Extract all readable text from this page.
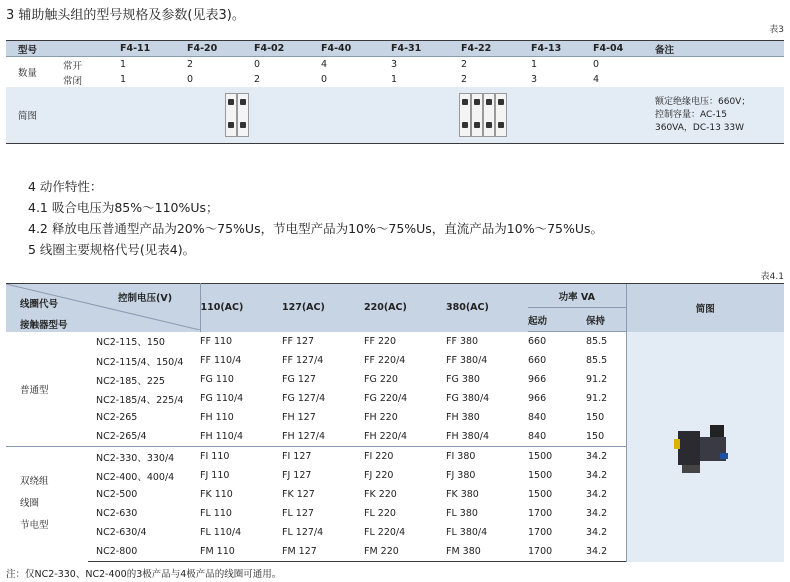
3 辅助触头组的型号规格及参数(见表3)。
表3
型号		F4-11	F4-20	F4-02	F4-40	F4-31	F4-22	F4-13	F4-04	备注
数量	常开	1	2	0	4	3	2	1	0	
	常闭	1	0	2	0	1	2	3	4	
简图										额定绝缘电压：660V；
控制容量：AC-15
360VA，DC-13 33W
4 动作特性：
4.1 吸合电压为85%～110%Us；
4.2 释放电压普通型产品为20%～75%Us，节电型产品为10%～75%Us，直流产品为10%～75%Us。
5 线圈主要规格代号(见表4)。
表4.1
控制电压(V)
线圈代号
接触器型号		110(AC)	127(AC)	220(AC)	380(AC)	功率 VA		简图
						起动	保持	
普通型	NC2-115、150	FF 110	FF 127	FF 220	FF 380	660	85.5	

	NC2-115/4、150/4	FF 110/4	FF 127/4	FF 220/4	FF 380/4	660	85.5	
	NC2-185、225	FG 110	FG 127	FG 220	FG 380	966	91.2	
	NC2-185/4、225/4	FG 110/4	FG 127/4	FG 220/4	FG 380/4	966	91.2	
	NC2-265	FH 110	FH 127	FH 220	FH 380	840	150	
	NC2-265/4	FH 110/4	FH 127/4	FH 220/4	FH 380/4	840	150	

双绕组
线圈
节电型	NC2-330、330/4	FI 110	FI 127	FI 220	FI 380	1500	34.2	
	NC2-400、400/4	FJ 110	FJ 127	FJ 220	FJ 380	1500	34.2	
	NC2-500	FK 110	FK 127	FK 220	FK 380	1500	34.2	
	NC2-630	FL 110	FL 127	FL 220	FL 380	1700	34.2	
	NC2-630/4	FL 110/4	FL 127/4	FL 220/4	FL 380/4	1700	34.2	
	NC2-800	FM 110	FM 127	FM 220	FM 380	1700	34.2	
注：仅NC2-330、NC2-400的3极产品与4极产品的线圈可通用。
